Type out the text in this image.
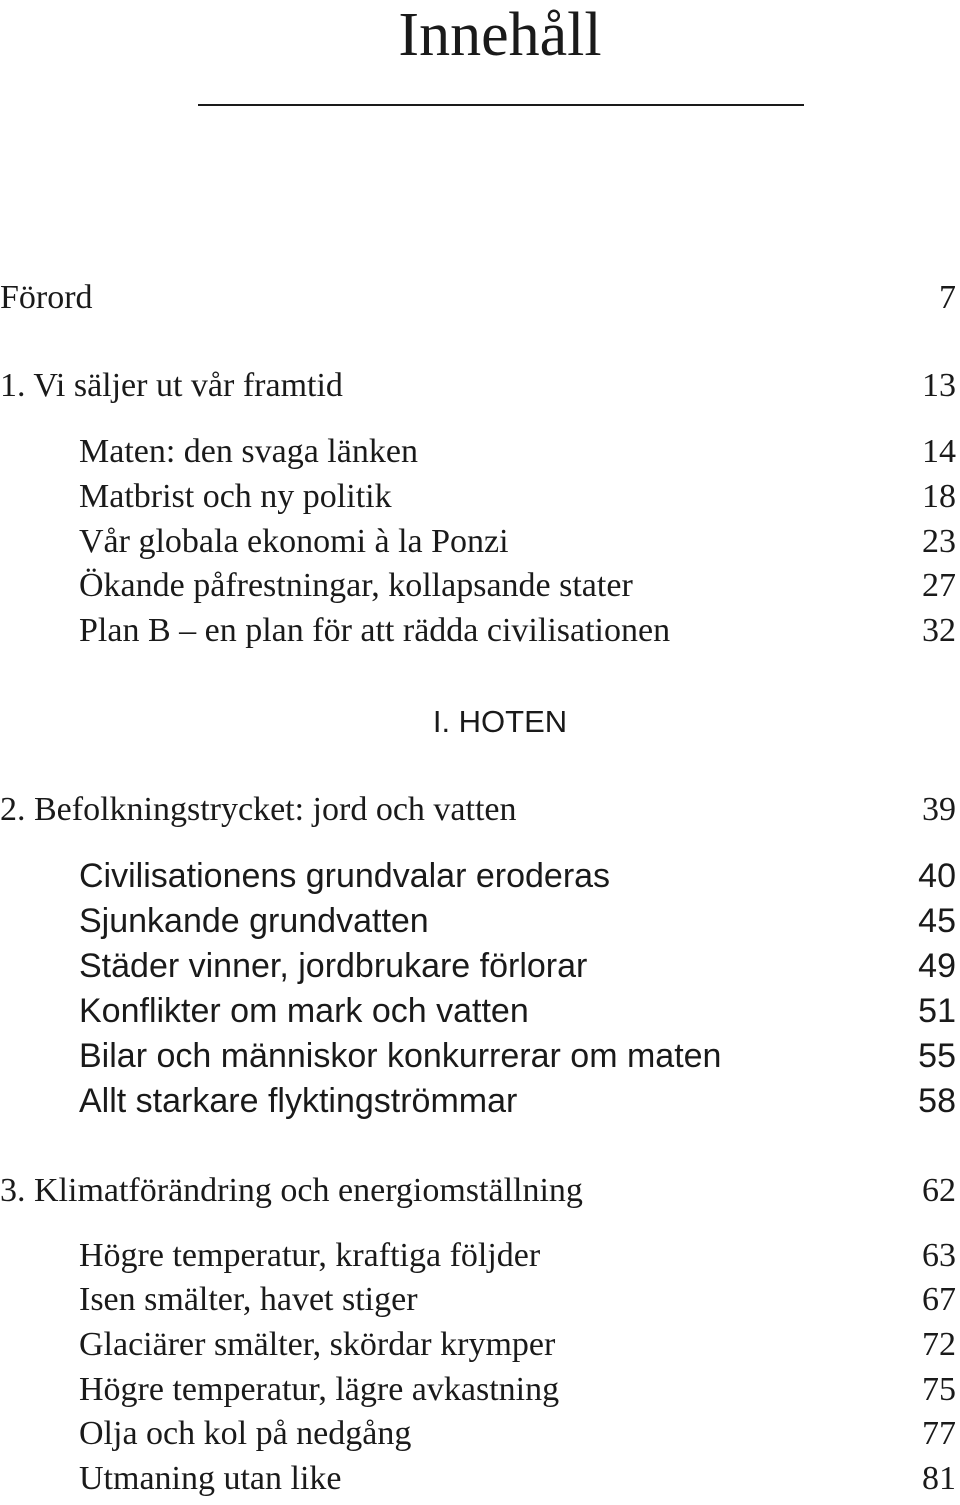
Innehåll
Förord	7
1. Vi säljer ut vår framtid	13
Maten: den svaga länken	14
Matbrist och ny politik	18
Vår globala ekonomi à la Ponzi	23
Ökande påfrestningar, kollapsande stater	27
Plan B – en plan för att rädda civilisationen	32
I. HOTEN
2. Befolkningstrycket: jord och vatten	39
Civilisationens grundvalar eroderas	40
Sjunkande grundvatten	45
Städer vinner, jordbrukare förlorar	49
Konflikter om mark och vatten	51
Bilar och människor konkurrerar om maten	55
Allt starkare flyktingströmmar	58
3. Klimatförändring och energiomställning	62
Högre temperatur, kraftiga följder	63
Isen smälter, havet stiger	67
Glaciärer smälter, skördar krymper	72
Högre temperatur, lägre avkastning	75
Olja och kol på nedgång	77
Utmaning utan like	81
